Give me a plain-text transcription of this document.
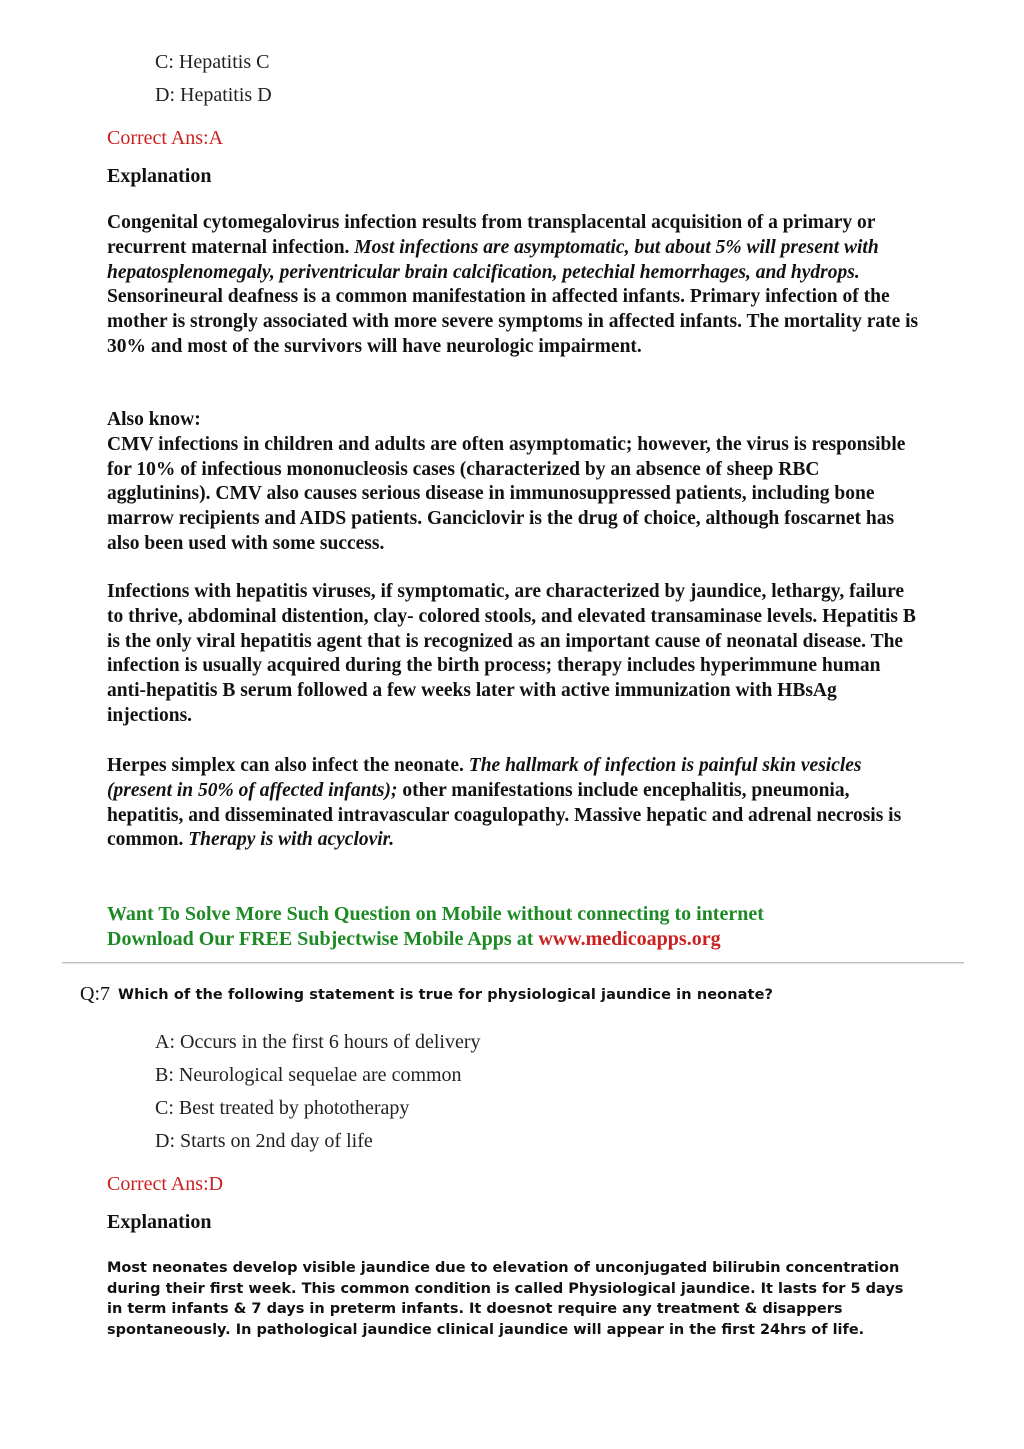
C: Hepatitis C
D: Hepatitis D
Correct Ans:A
Explanation

Congenital cytomegalovirus infection results from transplacental acquisition of a primary or recurrent maternal infection. Most infections are asymptomatic, but about 5% will present with hepatosplenomegaly, periventricular brain calcification, petechial hemorrhages, and hydrops. Sensorineural deafness is a common manifestation in affected infants. Primary infection of the mother is strongly associated with more severe symptoms in affected infants. The mortality rate is 30% and most of the survivors will have neurologic impairment.

Also know:
CMV infections in children and adults are often asymptomatic; however, the virus is responsible for 10% of infectious mononucleosis cases (characterized by an absence of sheep RBC agglutinins). CMV also causes serious disease in immunosuppressed patients, including bone marrow recipients and AIDS patients. Ganciclovir is the drug of choice, although foscarnet has also been used with some success.

Infections with hepatitis viruses, if symptomatic, are characterized by jaundice, lethargy, failure to thrive, abdominal distention, clay- colored stools, and elevated transaminase levels. Hepatitis B is the only viral hepatitis agent that is recognized as an important cause of neonatal disease. The infection is usually acquired during the birth process; therapy includes hyperimmune human anti-hepatitis B serum followed a few weeks later with active immunization with HBsAg injections.

Herpes simplex can also infect the neonate. The hallmark of infection is painful skin vesicles (present in 50% of affected infants); other manifestations include encephalitis, pneumonia, hepatitis, and disseminated intravascular coagulopathy. Massive hepatic and adrenal necrosis is common. Therapy is with acyclovir.

Want To Solve More Such Question on Mobile without connecting to internet
Download Our FREE Subjectwise Mobile Apps at www.medicoapps.org
Q:7 Which of the following statement is true for physiological jaundice in neonate?
A: Occurs in the first 6 hours of delivery
B: Neurological sequelae are common
C: Best treated by phototherapy
D: Starts on 2nd day of life
Correct Ans:D
Explanation

Most neonates develop visible jaundice due to elevation of unconjugated bilirubin concentration during their first week. This common condition is called Physiological jaundice. It lasts for 5 days in term infants & 7 days in preterm infants. It doesnot require any treatment & disappers spontaneously. In pathological jaundice clinical jaundice will appear in the first 24hrs of life.
